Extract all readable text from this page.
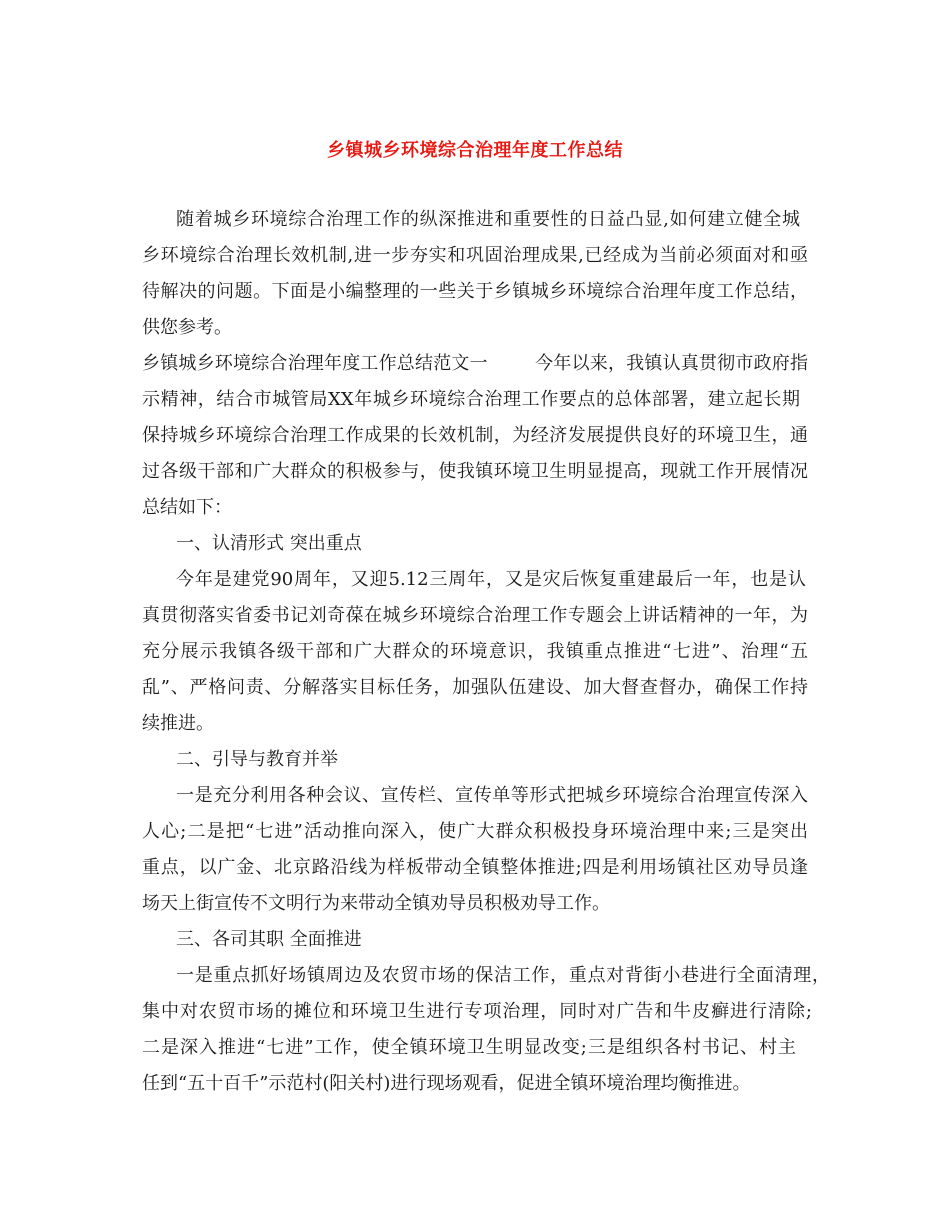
乡镇城乡环境综合治理年度工作总结
随着城乡环境综合治理工作的纵深推进和重要性的日益凸显,如何建立健全城
乡环境综合治理长效机制,进一步夯实和巩固治理成果,已经成为当前必须面对和亟
待解决的问题。下面是小编整理的一些关于乡镇城乡环境综合治理年度工作总结，
供您参考。
乡镇城乡环境综合治理年度工作总结范文一        今年以来，我镇认真贯彻市政府指
示精神，结合市城管局XX年城乡环境综合治理工作要点的总体部署，建立起长期
保持城乡环境综合治理工作成果的长效机制，为经济发展提供良好的环境卫生，通
过各级干部和广大群众的积极参与，使我镇环境卫生明显提高，现就工作开展情况
总结如下：
一、认清形式 突出重点
今年是建党90周年，又迎5.12三周年，又是灾后恢复重建最后一年，也是认
真贯彻落实省委书记刘奇葆在城乡环境综合治理工作专题会上讲话精神的一年，为
充分展示我镇各级干部和广大群众的环境意识，我镇重点推进“七进”、治理“五
乱”、严格问责、分解落实目标任务，加强队伍建设、加大督查督办，确保工作持
续推进。
二、引导与教育并举
一是充分利用各种会议、宣传栏、宣传单等形式把城乡环境综合治理宣传深入
人心;二是把“七进”活动推向深入，使广大群众积极投身环境治理中来;三是突出
重点，以广金、北京路沿线为样板带动全镇整体推进;四是利用场镇社区劝导员逢
场天上街宣传不文明行为来带动全镇劝导员积极劝导工作。
三、各司其职 全面推进
一是重点抓好场镇周边及农贸市场的保洁工作，重点对背街小巷进行全面清理，
集中对农贸市场的摊位和环境卫生进行专项治理，同时对广告和牛皮癣进行清除;
二是深入推进“七进”工作，使全镇环境卫生明显改变;三是组织各村书记、村主
任到“五十百千”示范村(阳关村)进行现场观看，促进全镇环境治理均衡推进。
